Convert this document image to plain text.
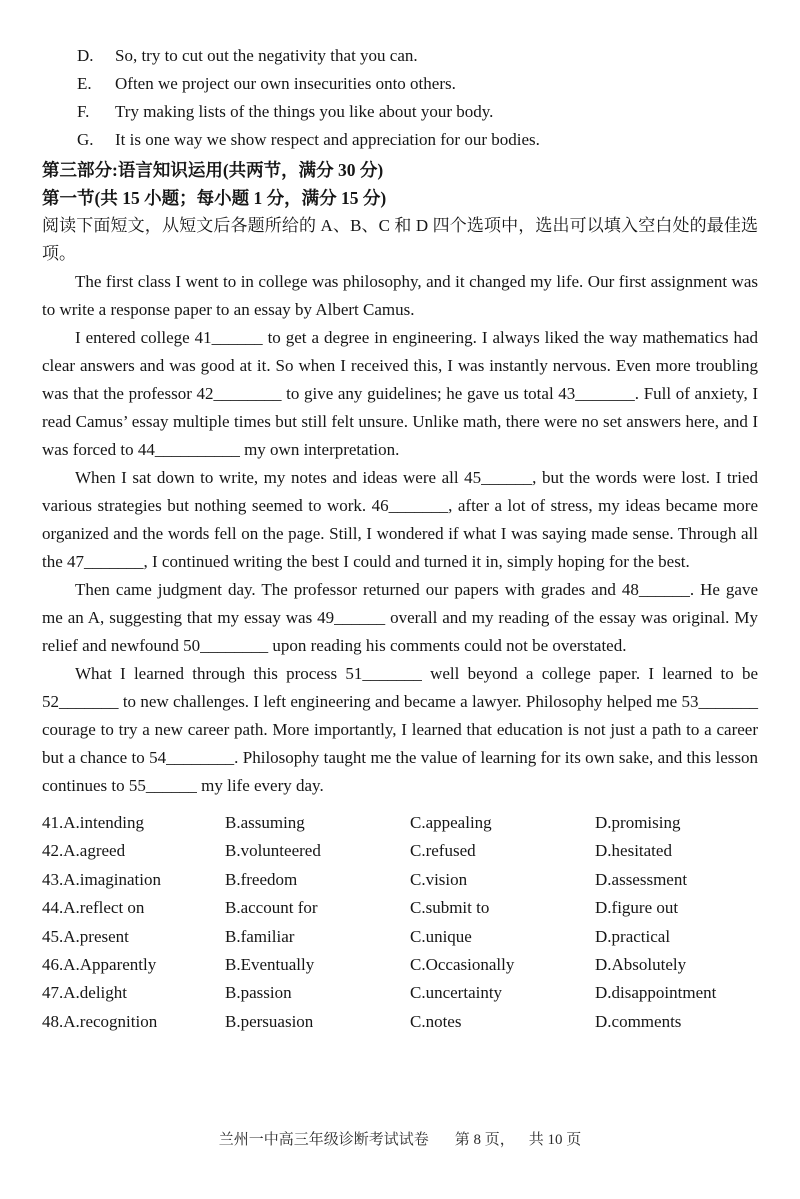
D.	So, try to cut out the negativity that you can.
E.	Often we project our own insecurities onto others.
F.	Try making lists of the things you like about your body.
G.	It is one way we show respect and appreciation for our bodies.
第三部分:语言知识运用(共两节，满分 30 分)
第一节(共 15 小题；每小题 1 分，满分 15 分)

阅读下面短文，从短文后各题所给的 A、B、C 和 D 四个选项中，选出可以填入空白处的最佳选项。

The first class I went to in college was philosophy, and it changed my life. Our first assignment was to write a response paper to an essay by Albert Camus.

I entered college 41______ to get a degree in engineering. I always liked the way mathematics had clear answers and was good at it. So when I received this, I was instantly nervous. Even more troubling was that the professor 42________ to give any guidelines; he gave us total 43_______. Full of anxiety, I read Camus’ essay multiple times but still felt unsure. Unlike math, there were no set answers here, and I was forced to 44__________ my own interpretation.

When I sat down to write, my notes and ideas were all 45______, but the words were lost. I tried various strategies but nothing seemed to work. 46_______, after a lot of stress, my ideas became more organized and the words fell on the page. Still, I wondered if what I was saying made sense. Through all the 47_______, I continued writing the best I could and turned it in, simply hoping for the best.

Then came judgment day. The professor returned our papers with grades and 48______. He gave me an A, suggesting that my essay was 49______ overall and my reading of the essay was original. My relief and newfound 50________ upon reading his comments could not be overstated.

What I learned through this process 51_______ well beyond a college paper. I learned to be 52_______ to new challenges. I left engineering and became a lawyer. Philosophy helped me 53_______ courage to try a new career path. More importantly, I learned that education is not just a path to a career but a chance to 54________. Philosophy taught me the value of learning for its own sake, and this lesson continues to 55______ my life every day.

41.A.intending	B.assuming	C.appealing	D.promising
42.A.agreed	B.volunteered	C.refused	D.hesitated
43.A.imagination	B.freedom	C.vision	D.assessment
44.A.reflect on	B.account for	C.submit to	D.figure out
45.A.present	B.familiar	C.unique	D.practical
46.A.Apparently	B.Eventually	C.Occasionally	D.Absolutely
47.A.delight	B.passion	C.uncertainty	D.disappointment
48.A.recognition	B.persuasion	C.notes	D.comments
兰州一中高三年级诊断考试试卷 第 8 页， 共 10 页
